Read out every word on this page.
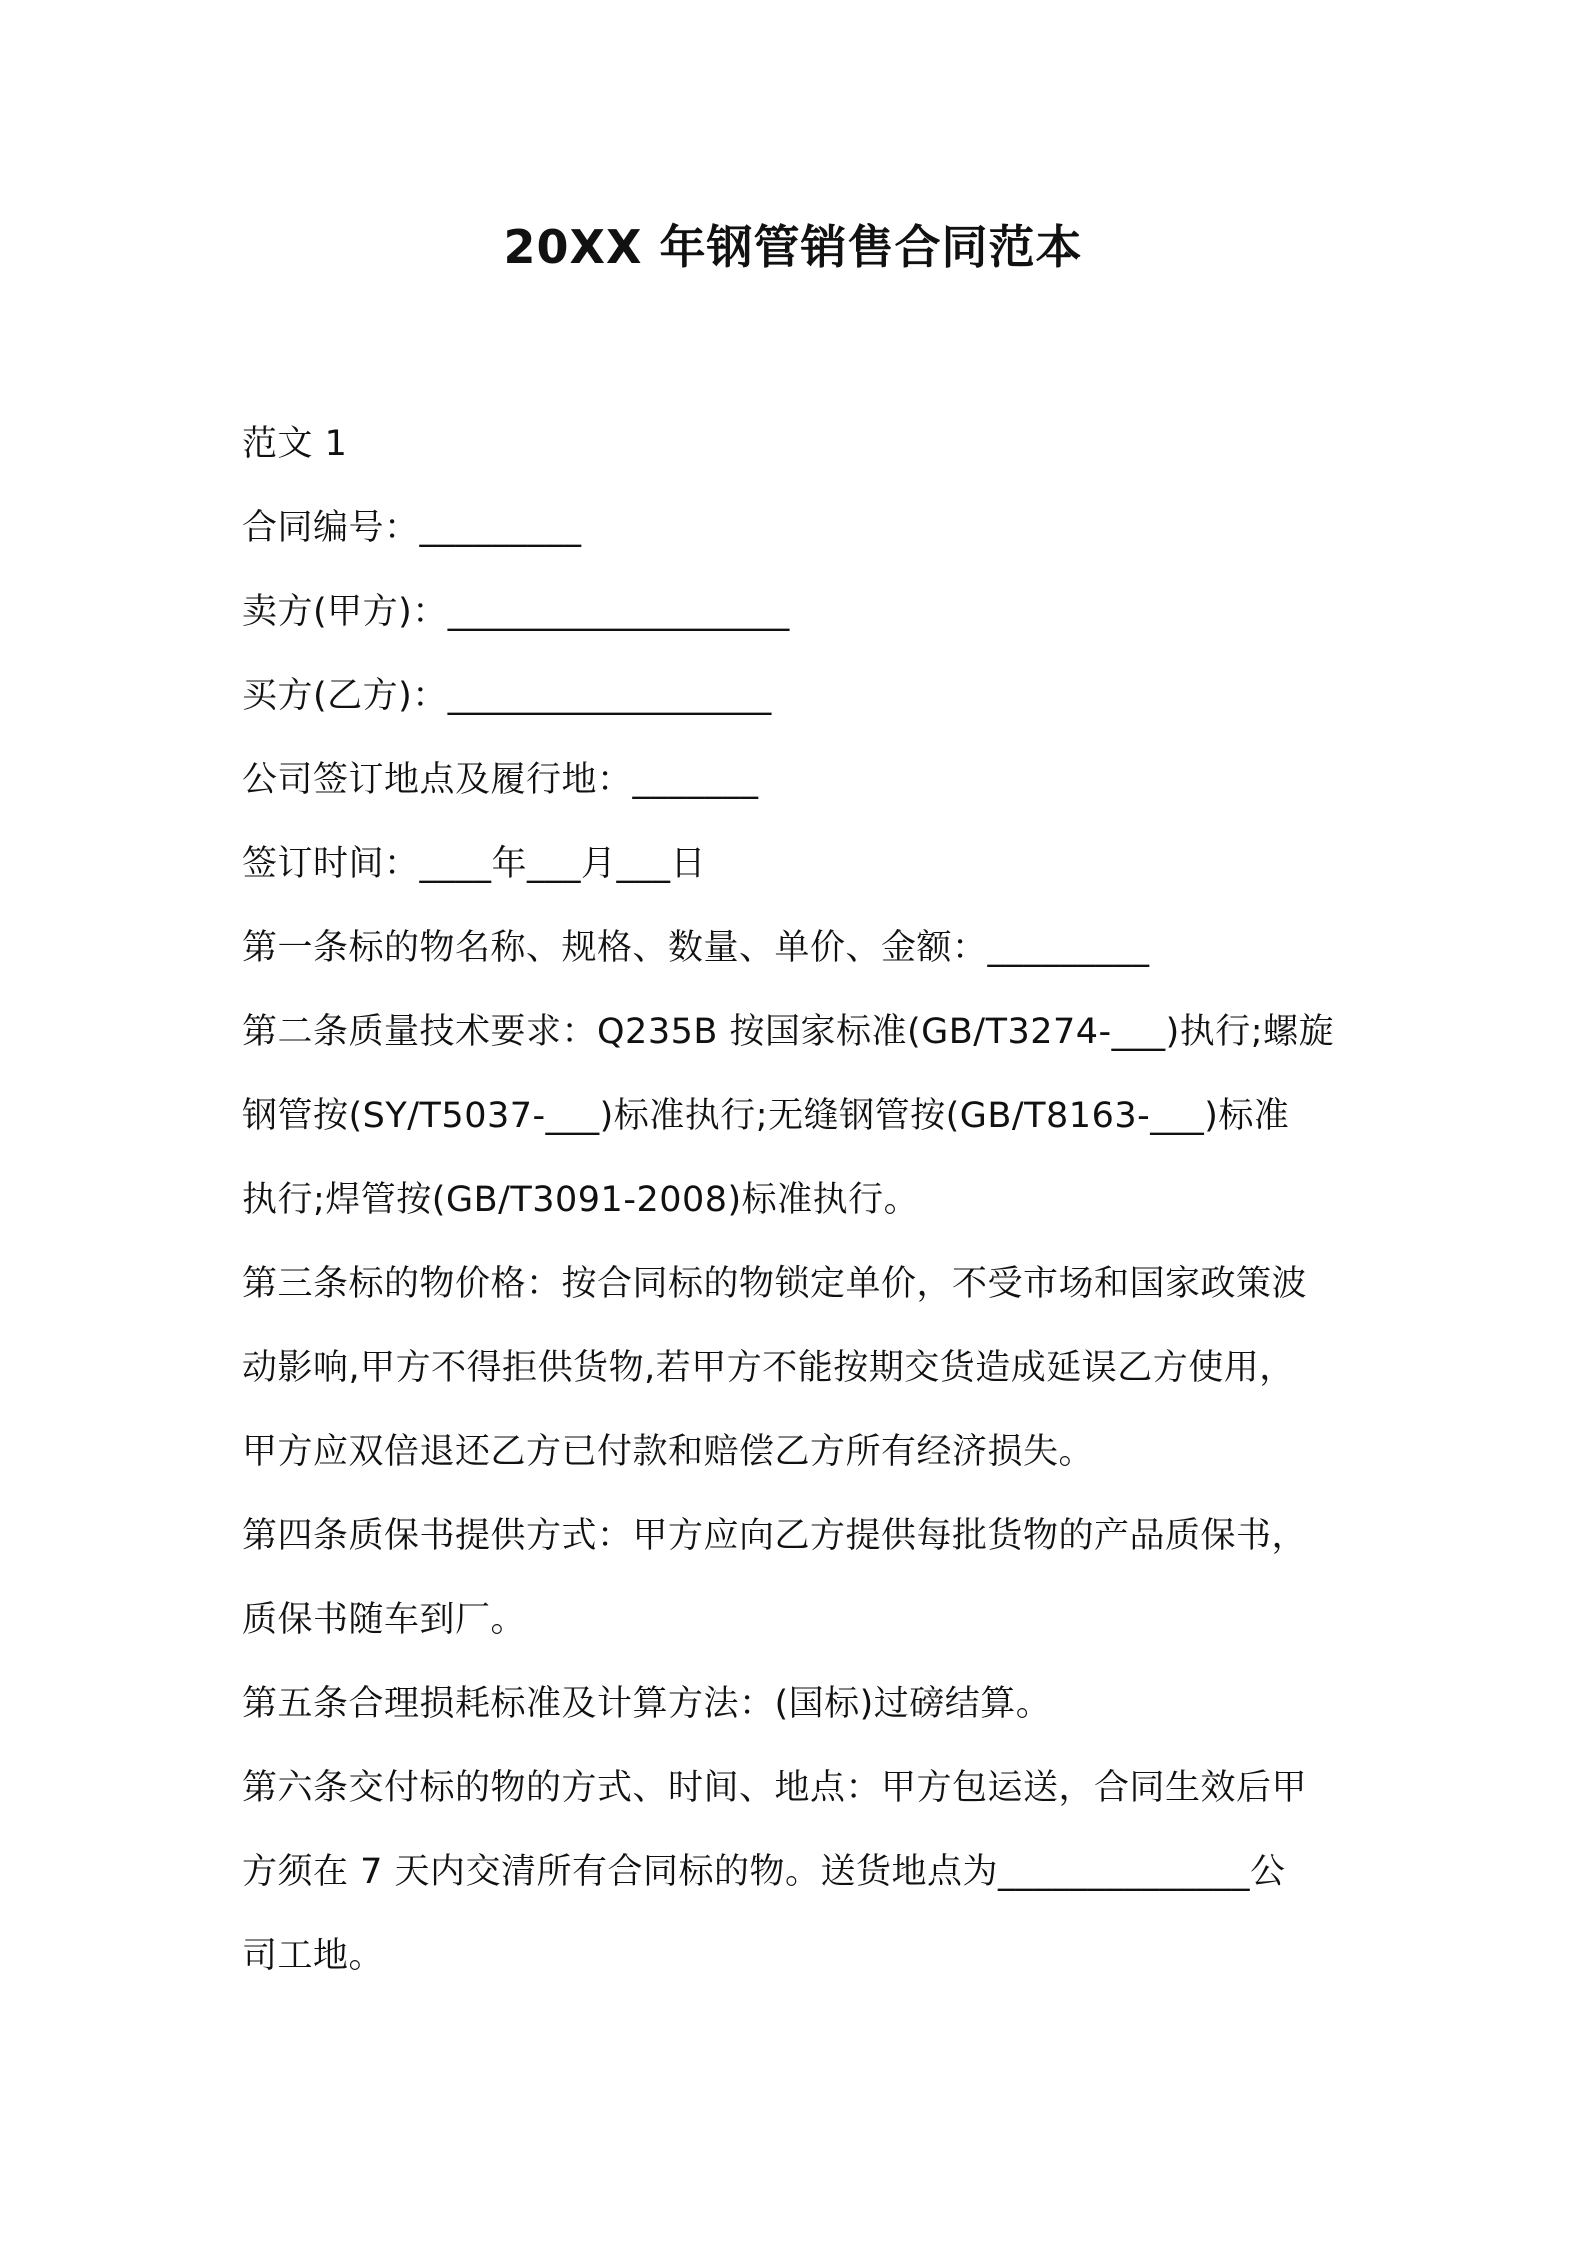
20XX 年钢管销售合同范本
范文 1
合同编号：_________
卖方(甲方)：___________________
买方(乙方)：__________________
公司签订地点及履行地：_______
签订时间：____年___月___日
第一条标的物名称、规格、数量、单价、金额：_________
第二条质量技术要求：Q235B 按国家标准(GB/T3274-___)执行;螺旋
钢管按(SY/T5037-___)标准执行;无缝钢管按(GB/T8163-___)标准
执行;焊管按(GB/T3091-2008)标准执行。
第三条标的物价格：按合同标的物锁定单价，不受市场和国家政策波
动影响,甲方不得拒供货物,若甲方不能按期交货造成延误乙方使用，
甲方应双倍退还乙方已付款和赔偿乙方所有经济损失。
第四条质保书提供方式：甲方应向乙方提供每批货物的产品质保书，
质保书随车到厂。
第五条合理损耗标准及计算方法：(国标)过磅结算。
第六条交付标的物的方式、时间、地点：甲方包运送，合同生效后甲
方须在 7 天内交清所有合同标的物。送货地点为______________公
司工地。
